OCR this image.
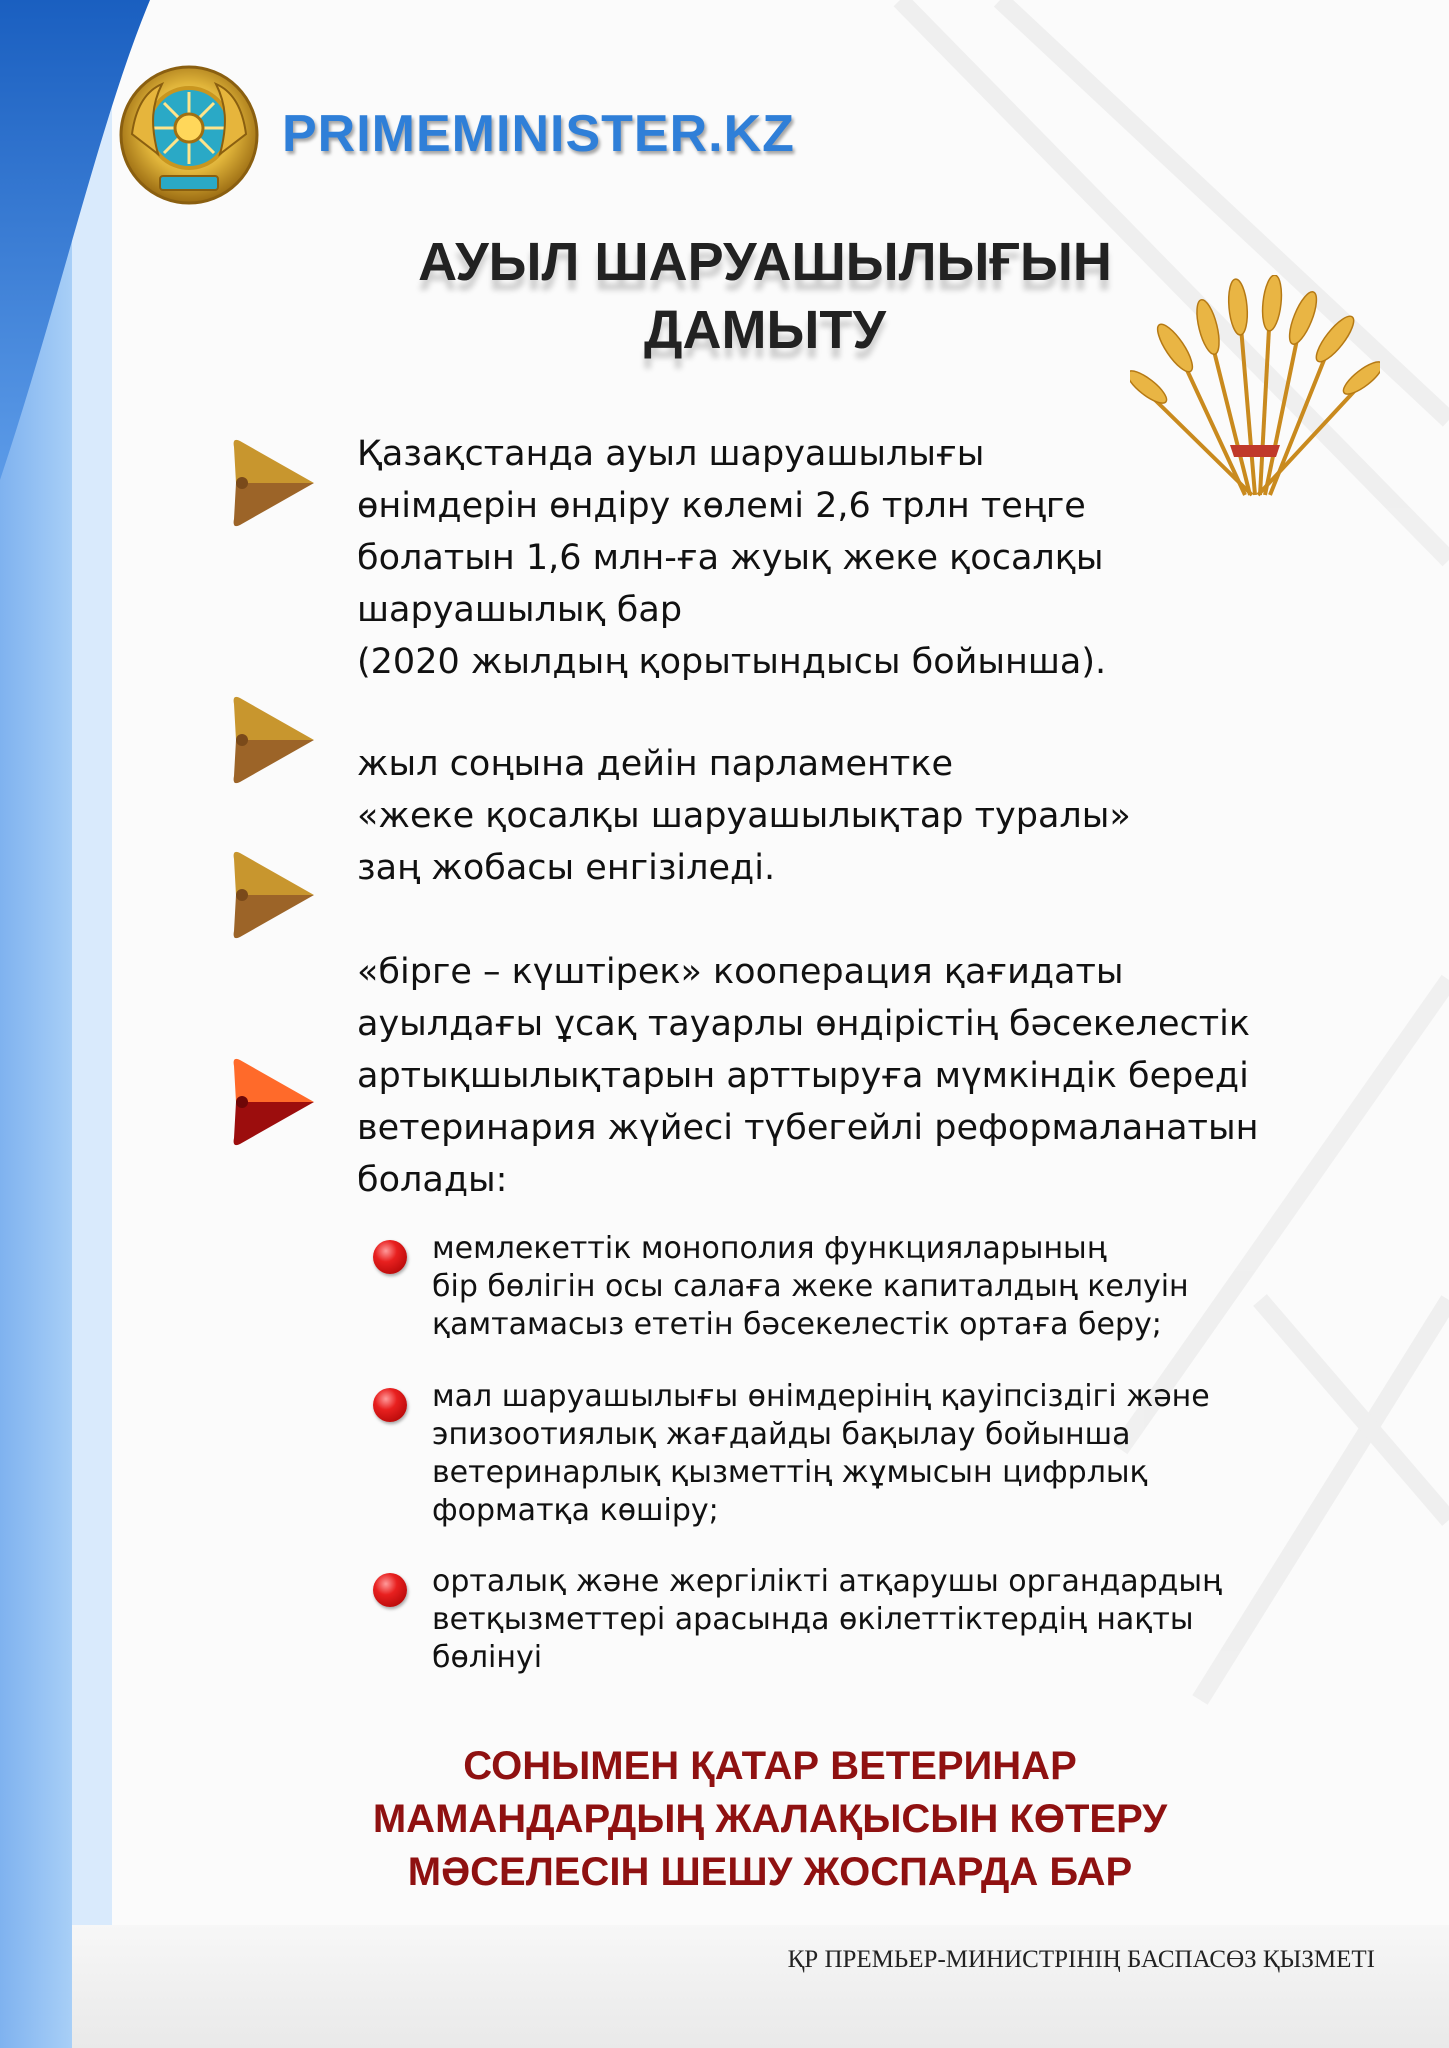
PRIMEMINISTER.KZ
АУЫЛ ШАРУАШЫЛЫҒЫН
ДАМЫТУ
Қазақстанда ауыл шаруашылығы
өнімдерін өндіру көлемі 2,6 трлн теңге
болатын 1,6 млн-ға жуық жеке қосалқы
шаруашылық бар
(2020 жылдың қорытындысы бойынша).
жыл соңына дейін парламентке
«жеке қосалқы шаруашылықтар туралы»
заң жобасы енгізіледі.
«бірге – күштірек» кооперация қағидаты
ауылдағы ұсақ тауарлы өндірістің бәсекелестік
артықшылықтарын арттыруға мүмкіндік береді
ветеринария жүйесі түбегейлі реформаланатын
болады:
мемлекеттік монополия функцияларының
бір бөлігін осы салаға жеке капиталдың келуін
қамтамасыз ететін бәсекелестік ортаға беру;
мал шаруашылығы өнімдерінің қауіпсіздігі және
эпизоотиялық жағдайды бақылау бойынша
ветеринарлық қызметтің жұмысын цифрлық
форматқа көшіру;
орталық және жергілікті атқарушы органдардың
ветқызметтері арасында өкілеттіктердің нақты
бөлінуі
СОНЫМЕН ҚАТАР ВЕТЕРИНАР
МАМАНДАРДЫҢ ЖАЛАҚЫСЫН КӨТЕРУ
МӘСЕЛЕСІН ШЕШУ ЖОСПАРДА БАР
ҚР ПРЕМЬЕР-МИНИСТРІНІҢ БАСПАСӨЗ ҚЫЗМЕТІ
